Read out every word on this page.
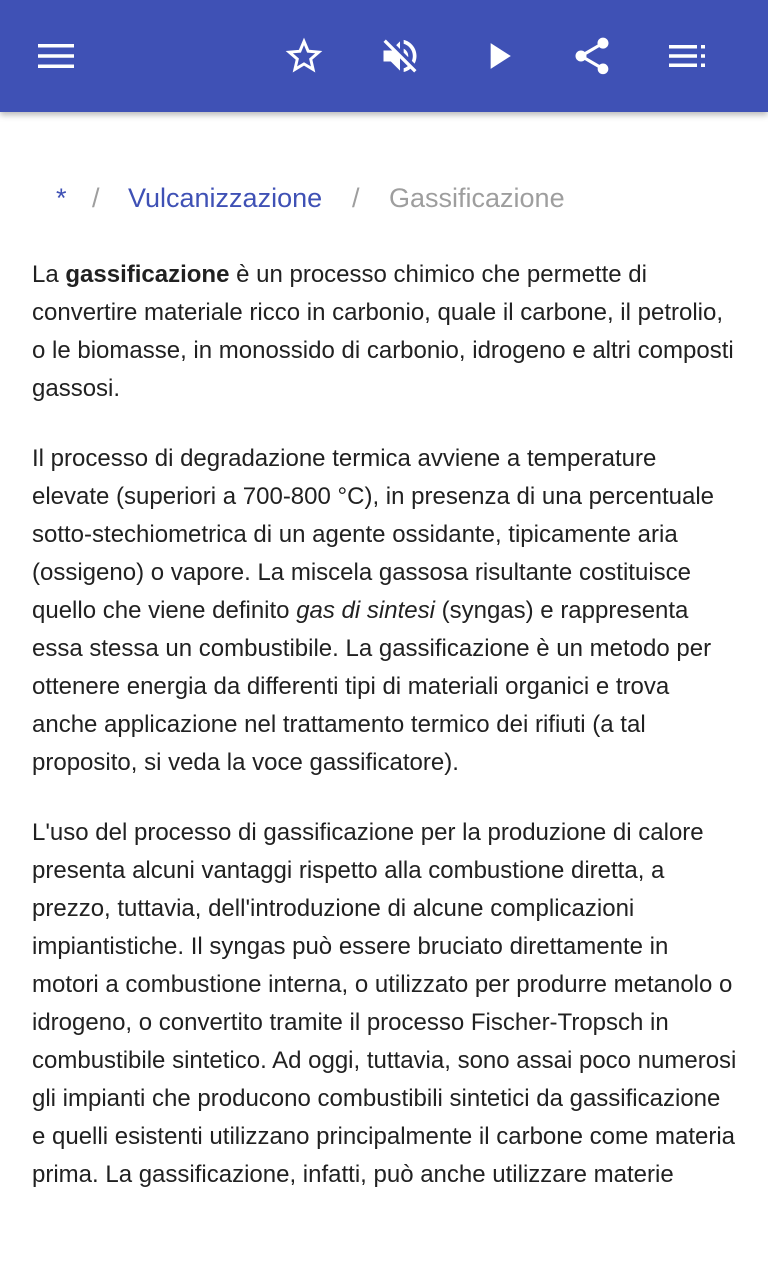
* / Vulcanizzazione / Gassificazione

La gassificazione è un processo chimico che permette di convertire materiale ricco in carbonio, quale il carbone, il petrolio, o le biomasse, in monossido di carbonio, idrogeno e altri composti gassosi.

Il processo di degradazione termica avviene a temperature elevate (superiori a 700-800 °C), in presenza di una percentuale sotto-stechiometrica di un agente ossidante, tipicamente aria (ossigeno) o vapore. La miscela gassosa risultante costituisce quello che viene definito gas di sintesi (syngas) e rappresenta essa stessa un combustibile. La gassificazione è un metodo per ottenere energia da differenti tipi di materiali organici e trova anche applicazione nel trattamento termico dei rifiuti (a tal proposito, si veda la voce gassificatore).

L'uso del processo di gassificazione per la produzione di calore presenta alcuni vantaggi rispetto alla combustione diretta, a prezzo, tuttavia, dell'introduzione di alcune complicazioni impiantistiche. Il syngas può essere bruciato direttamente in motori a combustione interna, o utilizzato per produrre metanolo o idrogeno, o convertito tramite il processo Fischer-Tropsch in combustibile sintetico. Ad oggi, tuttavia, sono assai poco numerosi gli impianti che producono combustibili sintetici da gassificazione e quelli esistenti utilizzano principalmente il carbone come materia prima. La gassificazione, infatti, può anche utilizzare materie
